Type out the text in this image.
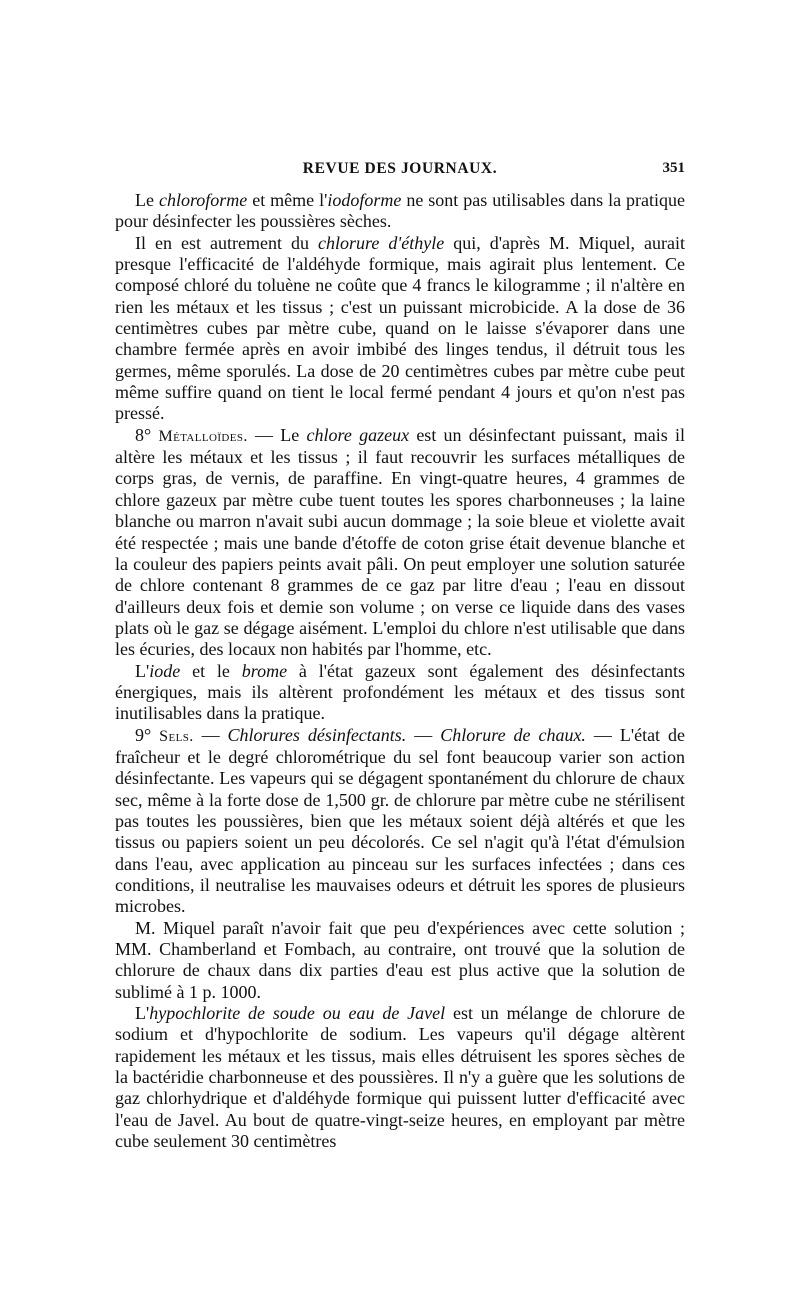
REVUE DES JOURNAUX.	351

Le chloroforme et même l'iodoforme ne sont pas utilisables dans la pratique pour désinfecter les poussières sèches.

Il en est autrement du chlorure d'éthyle qui, d'après M. Miquel, aurait presque l'efficacité de l'aldéhyde formique, mais agirait plus lentement. Ce composé chloré du toluène ne coûte que 4 francs le kilogramme ; il n'altère en rien les métaux et les tissus ; c'est un puissant microbicide. A la dose de 36 centimètres cubes par mètre cube, quand on le laisse s'évaporer dans une chambre fermée après en avoir imbibé des linges tendus, il détruit tous les germes, même sporulés. La dose de 20 centimètres cubes par mètre cube peut même suffire quand on tient le local fermé pendant 4 jours et qu'on n'est pas pressé.

8° Métalloïdes. — Le chlore gazeux est un désinfectant puissant, mais il altère les métaux et les tissus ; il faut recouvrir les surfaces métalliques de corps gras, de vernis, de paraffine. En vingt-quatre heures, 4 grammes de chlore gazeux par mètre cube tuent toutes les spores charbonneuses ; la laine blanche ou marron n'avait subi aucun dommage ; la soie bleue et violette avait été respectée ; mais une bande d'étoffe de coton grise était devenue blanche et la couleur des papiers peints avait pâli. On peut employer une solution saturée de chlore contenant 8 grammes de ce gaz par litre d'eau ; l'eau en dissout d'ailleurs deux fois et demie son volume ; on verse ce liquide dans des vases plats où le gaz se dégage aisément. L'emploi du chlore n'est utilisable que dans les écuries, des locaux non habités par l'homme, etc.

L'iode et le brome à l'état gazeux sont également des désinfectants énergiques, mais ils altèrent profondément les métaux et des tissus sont inutilisables dans la pratique.

9° Sels. — Chlorures désinfectants. — Chlorure de chaux. — L'état de fraîcheur et le degré chlorométrique du sel font beaucoup varier son action désinfectante. Les vapeurs qui se dégagent spontanément du chlorure de chaux sec, même à la forte dose de 1,500 gr. de chlorure par mètre cube ne stérilisent pas toutes les poussières, bien que les métaux soient déjà altérés et que les tissus ou papiers soient un peu décolorés. Ce sel n'agit qu'à l'état d'émulsion dans l'eau, avec application au pinceau sur les surfaces infectées ; dans ces conditions, il neutralise les mauvaises odeurs et détruit les spores de plusieurs microbes.

M. Miquel paraît n'avoir fait que peu d'expériences avec cette solution ; MM. Chamberland et Fombach, au contraire, ont trouvé que la solution de chlorure de chaux dans dix parties d'eau est plus active que la solution de sublimé à 1 p. 1000.

L'hypochlorite de soude ou eau de Javel est un mélange de chlorure de sodium et d'hypochlorite de sodium. Les vapeurs qu'il dégage altèrent rapidement les métaux et les tissus, mais elles détruisent les spores sèches de la bactéridie charbonneuse et des poussières. Il n'y a guère que les solutions de gaz chlorhydrique et d'aldéhyde formique qui puissent lutter d'efficacité avec l'eau de Javel. Au bout de quatre-vingt-seize heures, en employant par mètre cube seulement 30 centimètres
